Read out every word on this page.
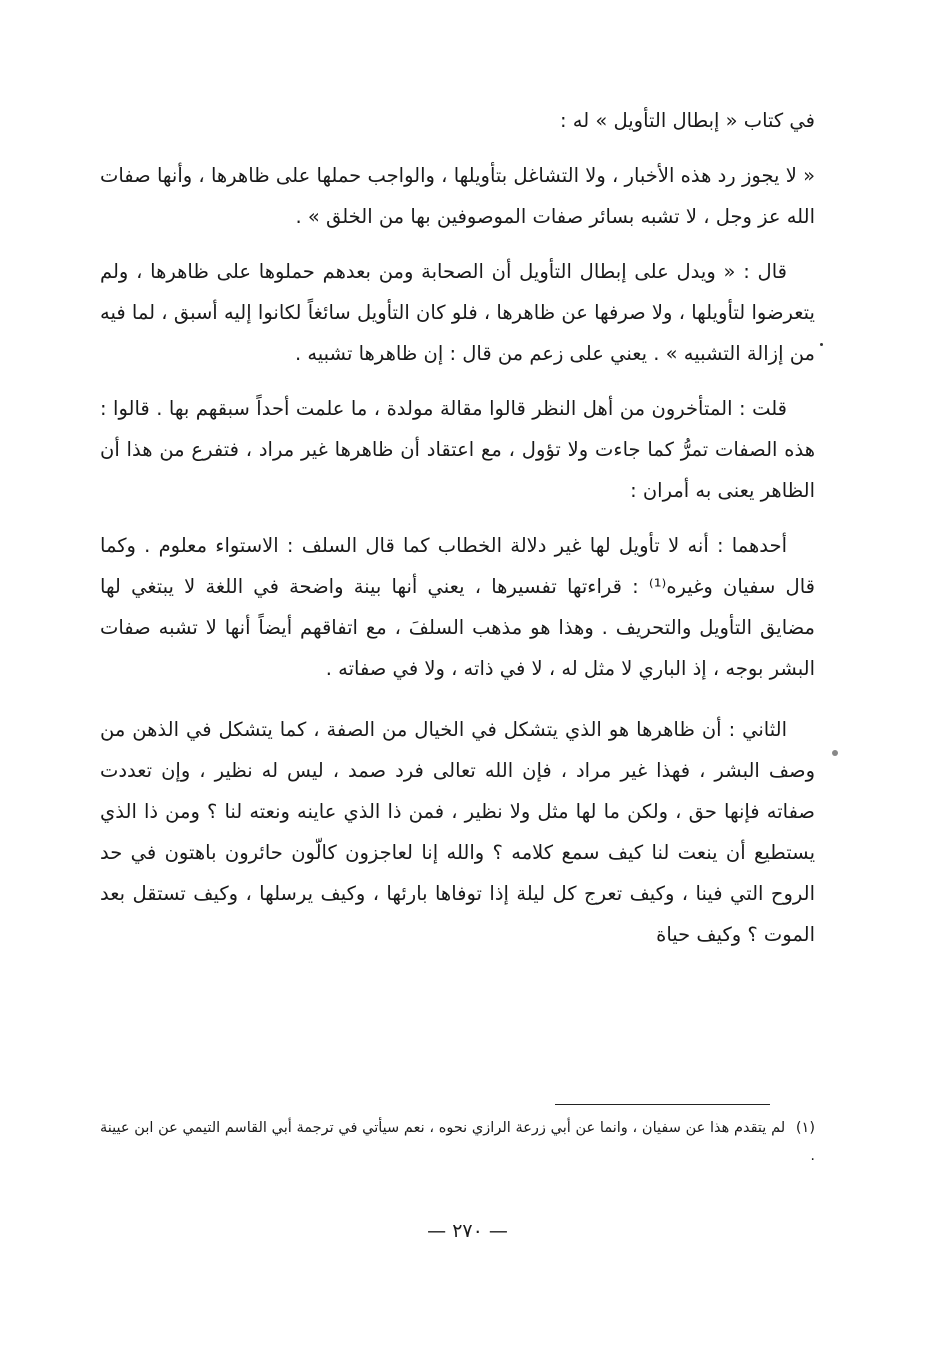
في كتاب « إبطال التأويل » له :

« لا يجوز رد هذه الأخبار ، ولا التشاغل بتأويلها ، والواجب حملها على ظاهرها ، وأنها صفات الله عز وجل ، لا تشبه بسائر صفات الموصوفين بها من الخلق » .

قال : « ويدل على إبطال التأويل أن الصحابة ومن بعدهم حملوها على ظاهرها ، ولم يتعرضوا لتأويلها ، ولا صرفها عن ظاهرها ، فلو كان التأويل سائغاً لكانوا إليه أسبق ، لما فيه من إزالة التشبيه » . يعني على زعم من قال : إن ظاهرها تشبيه .

قلت : المتأخرون من أهل النظر قالوا مقالة مولدة ، ما علمت أحداً سبقهم بها . قالوا : هذه الصفات تمرُّ كما جاءت ولا تؤول ، مع اعتقاد أن ظاهرها غير مراد ، فتفرع من هذا أن الظاهر يعنى به أمران :

أحدهما : أنه لا تأويل لها غير دلالة الخطاب كما قال السلف : الاستواء معلوم . وكما قال سفيان وغيره⁽¹⁾ : قراءتها تفسيرها ، يعني أنها بينة واضحة في اللغة لا يبتغي لها مضايق التأويل والتحريف . وهذا هو مذهب السلفَ ، مع اتفاقهم أيضاً أنها لا تشبه صفات البشر بوجه ، إذ الباري لا مثل له ، لا في ذاته ، ولا في صفاته .

الثاني : أن ظاهرها هو الذي يتشكل في الخيال من الصفة ، كما يتشكل في الذهن من وصف البشر ، فهذا غير مراد ، فإن الله تعالى فرد صمد ، ليس له نظير ، وإن تعددت صفاته فإنها حق ، ولكن ما لها مثل ولا نظير ، فمن ذا الذي عاينه ونعته لنا ؟ ومن ذا الذي يستطيع أن ينعت لنا كيف سمع كلامه ؟ والله إنا لعاجزون كالّون حائرون باهتون في حد الروح التي فينا ، وكيف تعرج كل ليلة إذا توفاها بارئها ، وكيف يرسلها ، وكيف تستقل بعد الموت ؟ وكيف حياة

(١) لم يتقدم هذا عن سفيان ، وانما عن أبي زرعة الرازي نحوه ، نعم سيأتي في ترجمة أبي القاسم التيمي عن ابن عيينة .
— ٢٧٠ —
